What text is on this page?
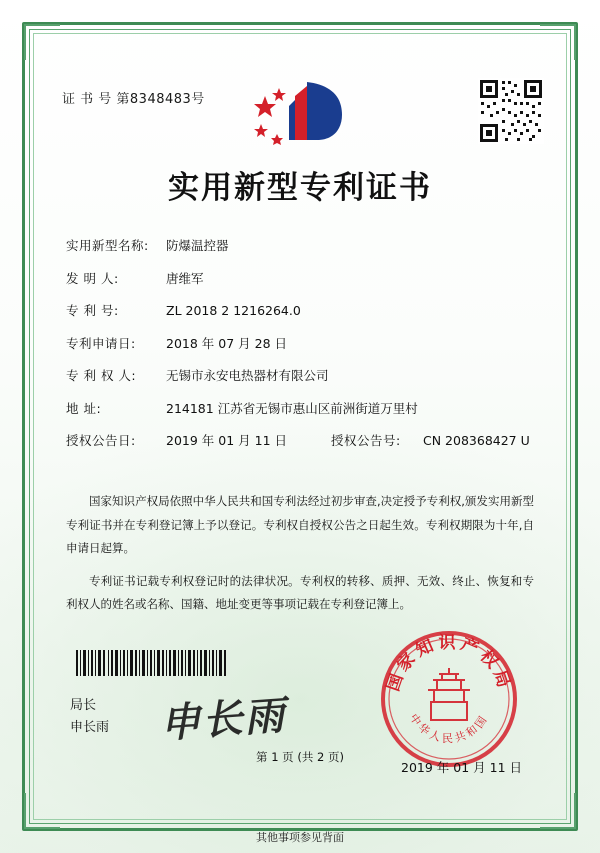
证 书 号 第8348483号
实用新型专利证书
实用新型名称:	防爆温控器
发 明 人:	唐维军
专 利 号:	ZL 2018 2 1216264.0
专利申请日:	2018 年 07 月 28 日
专 利 权 人:	无锡市永安电热器材有限公司
地 址:	214181 江苏省无锡市惠山区前洲街道万里村
授权公告日:	2019 年 01 月 11 日	授权公告号:	CN 208368427 U

国家知识产权局依照中华人民共和国专利法经过初步审查,决定授予专利权,颁发实用新型专利证书并在专利登记簿上予以登记。专利权自授权公告之日起生效。专利权期限为十年,自申请日起算。

专利证书记载专利权登记时的法律状况。专利权的转移、质押、无效、终止、恢复和专利权人的姓名或名称、国籍、地址变更等事项记载在专利登记簿上。

局长
申长雨 申长雨
国家知识产权局
中华人民共和国
2019 年 01 月 11 日
第 1 页 (共 2 页)
其他事项参见背面
